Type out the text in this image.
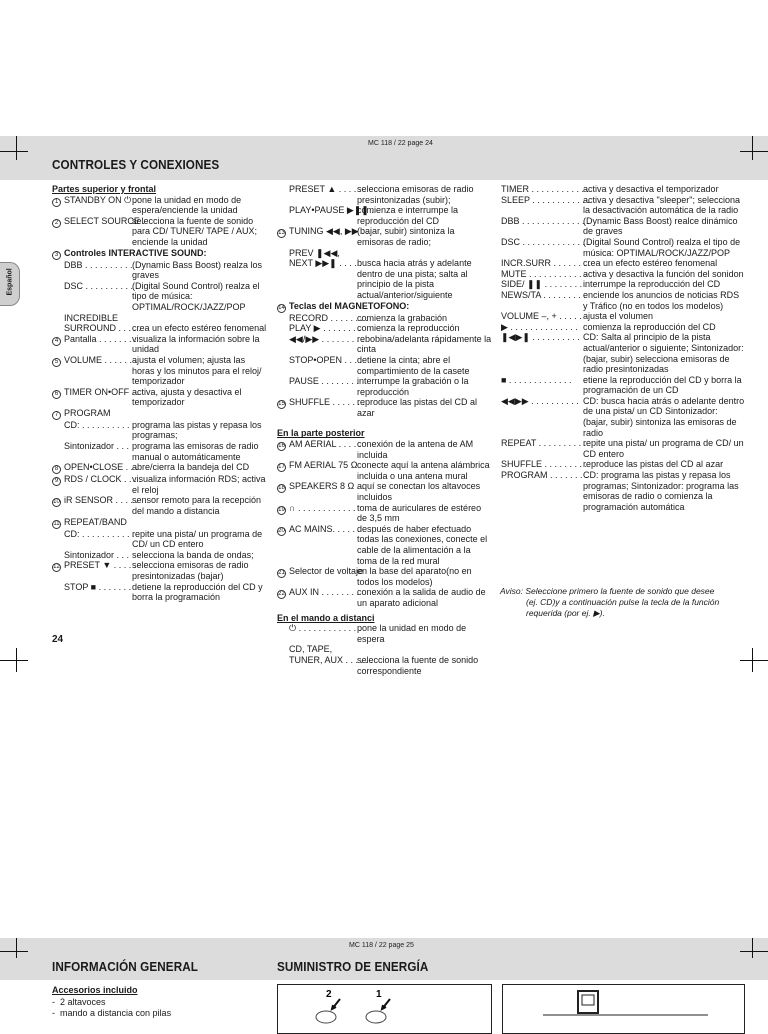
MC 118 / 22 page 24
CONTROLES Y CONEXIONES
Español
Partes superior y frontal
1 STANDBY ON ⏻ .
pone la unidad en modo de espera/enciende la unidad
2 SELECT SOURCE .
selecciona la fuente de sonido para CD/ TUNER/ TAPE / AUX; enciende la unidad
3 Controles INTERACTIVE SOUND:
DBB . . . . . . . . . . .
(Dynamic Bass Boost) realza los graves
DSC . . . . . . . . . . .
(Digital Sound Control) realza el tipo de música: OPTIMAL/ROCK/JAZZ/POP
INCREDIBLE
SURROUND . . . . .
crea un efecto estéreo fenomenal
4 Pantalla . . . . . . . .
visualiza la información sobre la unidad
5 VOLUME . . . . . . .
ajusta el volumen; ajusta las horas y los minutos para el reloj/ temporizador
6 TIMER ON•OFF . .
activa, ajusta y desactiva el temporizador
7 PROGRAM
CD: . . . . . . . . . . .
programa las pistas y repasa los programas;
Sintonizador . . . programa las emisoras de radio manual o automáticamente
8 OPEN•CLOSE . . .
abre/cierra la bandeja del CD
9 RDS / CLOCK . . . .
visualiza información RDS; activa el reloj
10 iR SENSOR . . . . .
sensor remoto para la recepción del mando a distancia
11 REPEAT/BAND
CD: . . . . . . . . . . .
repite una pista/ un programa de CD/ un CD entero
Sintonizador . . . selecciona la banda de ondas;
12 PRESET ▼ . . . . .
selecciona emisoras de radio presintonizadas (bajar)
STOP ■ . . . . . . . detiene la reproducción del CD y borra la programación
PRESET ▲ . . . . . .
selecciona emisoras de radio presintonizadas (subir);
PLAY•PAUSE ▶❚❚ .
comienza e interrumpe la reproducción del CD
13 TUNING ◀◀, ▶▶ . .
(bajar, subir) sintoniza la emisoras de radio;
PREV ❚◀◀,
NEXT ▶▶❚ . . . . .
busca hacia atrás y adelante dentro de una pista; salta al principio de la pista actual/anterior/siguiente
14 Teclas del MAGNETOFONO:
RECORD . . . . . . . .
comienza la grabación
PLAY ▶ . . . . . . . .
comienza la reproducción
◀◀/▶▶ . . . . . . . . .
rebobina/adelanta rápidamente la cinta
STOP•OPEN . . . .
detiene la cinta; abre el compartimiento de la casete
PAUSE . . . . . . . .
interrumpe la grabación o la reproducción
15 SHUFFLE . . . . . . .
reproduce las pistas del CD al azar
En la parte posterior
16 AM AERIAL . . . . .
conexión de la antena de AM incluida
17 FM AERIAL 75 Ω conecte aquí la antena alámbrica incluida o una antena mural
18 SPEAKERS 8 Ω . .
aquí se conectan los altavoces incluidos
19 ∩ . . . . . . . . . . . . toma de auriculares de estéreo de 3,5 mm
20 AC MAINS. . . . . .
después de haber efectuado todas las conexiones, conecte el cable de la alimentación a la toma de la red mural
21 Selector de voltaje
en la base del aparato(no en todos los modelos)
22 AUX IN . . . . . . . .
conexión a la salida de audio de un aparato adicional
En el mando a distanci
⏻ . . . . . . . . . . . . .
pone la unidad en modo de espera
CD, TAPE,
TUNER, AUX . . . . . .
selecciona la fuente de sonido correspondiente
TIMER . . . . . . . . . . . .
activa y desactiva el temporizador
SLEEP . . . . . . . . . . . .
activa y desactiva "sleeper"; selecciona la desactivación automática de la radio
DBB . . . . . . . . . . . . . .
(Dynamic Bass Boost) realce dinámico de graves
DSC . . . . . . . . . . . . . .
(Digital Sound Control) realza el tipo de música: OPTIMAL/ROCK/JAZZ/POP
INCR.SURR . . . . . . . .
crea un efecto estéreo fenomenal
MUTE . . . . . . . . . . . .
activa y desactiva la función del sonidon
SIDE/ ❚❚ . . . . . . . . .
interrumpe la reproducción del CD
NEWS/TA . . . . . . . . .
enciende los anuncios de noticias RDS y Tráfico (no en todos los modelos)
VOLUME –, + . . . . . ajusta el volumen
▶ . . . . . . . . . . . . . . comienza la reproducción del CD
❚◀▶❚ . . . . . . . . . . CD: Salta al principio de la pista actual/anterior o siguiente; Sintonizador: (bajar, subir) selecciona emisoras de radio presintonizadas
■ . . . . . . . . . . . . .	etiene la reproducción del CD y borra la programación de un CD
◀◀▶▶ . . . . . . . . . . CD: busca hacia atrás o adelante dentro de una pista/ un CD Sintonizador: (bajar, subir) sintoniza las emisoras de radio
REPEAT . . . . . . . . . .
repite una pista/ un programa de CD/ un CD entero
SHUFFLE . . . . . . . . .
reproduce las pistas del CD al azar
PROGRAM . . . . . . . .
CD: programa las pistas y repasa los programas; Sintonizador: programa las emisoras de radio o comienza la programación automática
Aviso: Seleccione primero la fuente de sonido que desee
(ej. CD)y a continuación pulse la tecla de la función
requerida (por ej. ▶).
24
MC 118 / 22 page 25
INFORMACIÓN GENERAL	SUMINISTRO DE ENERGÍA
Accesorios incluido
-  2 altavoces
-  mando a distancia con pilas
2	1
